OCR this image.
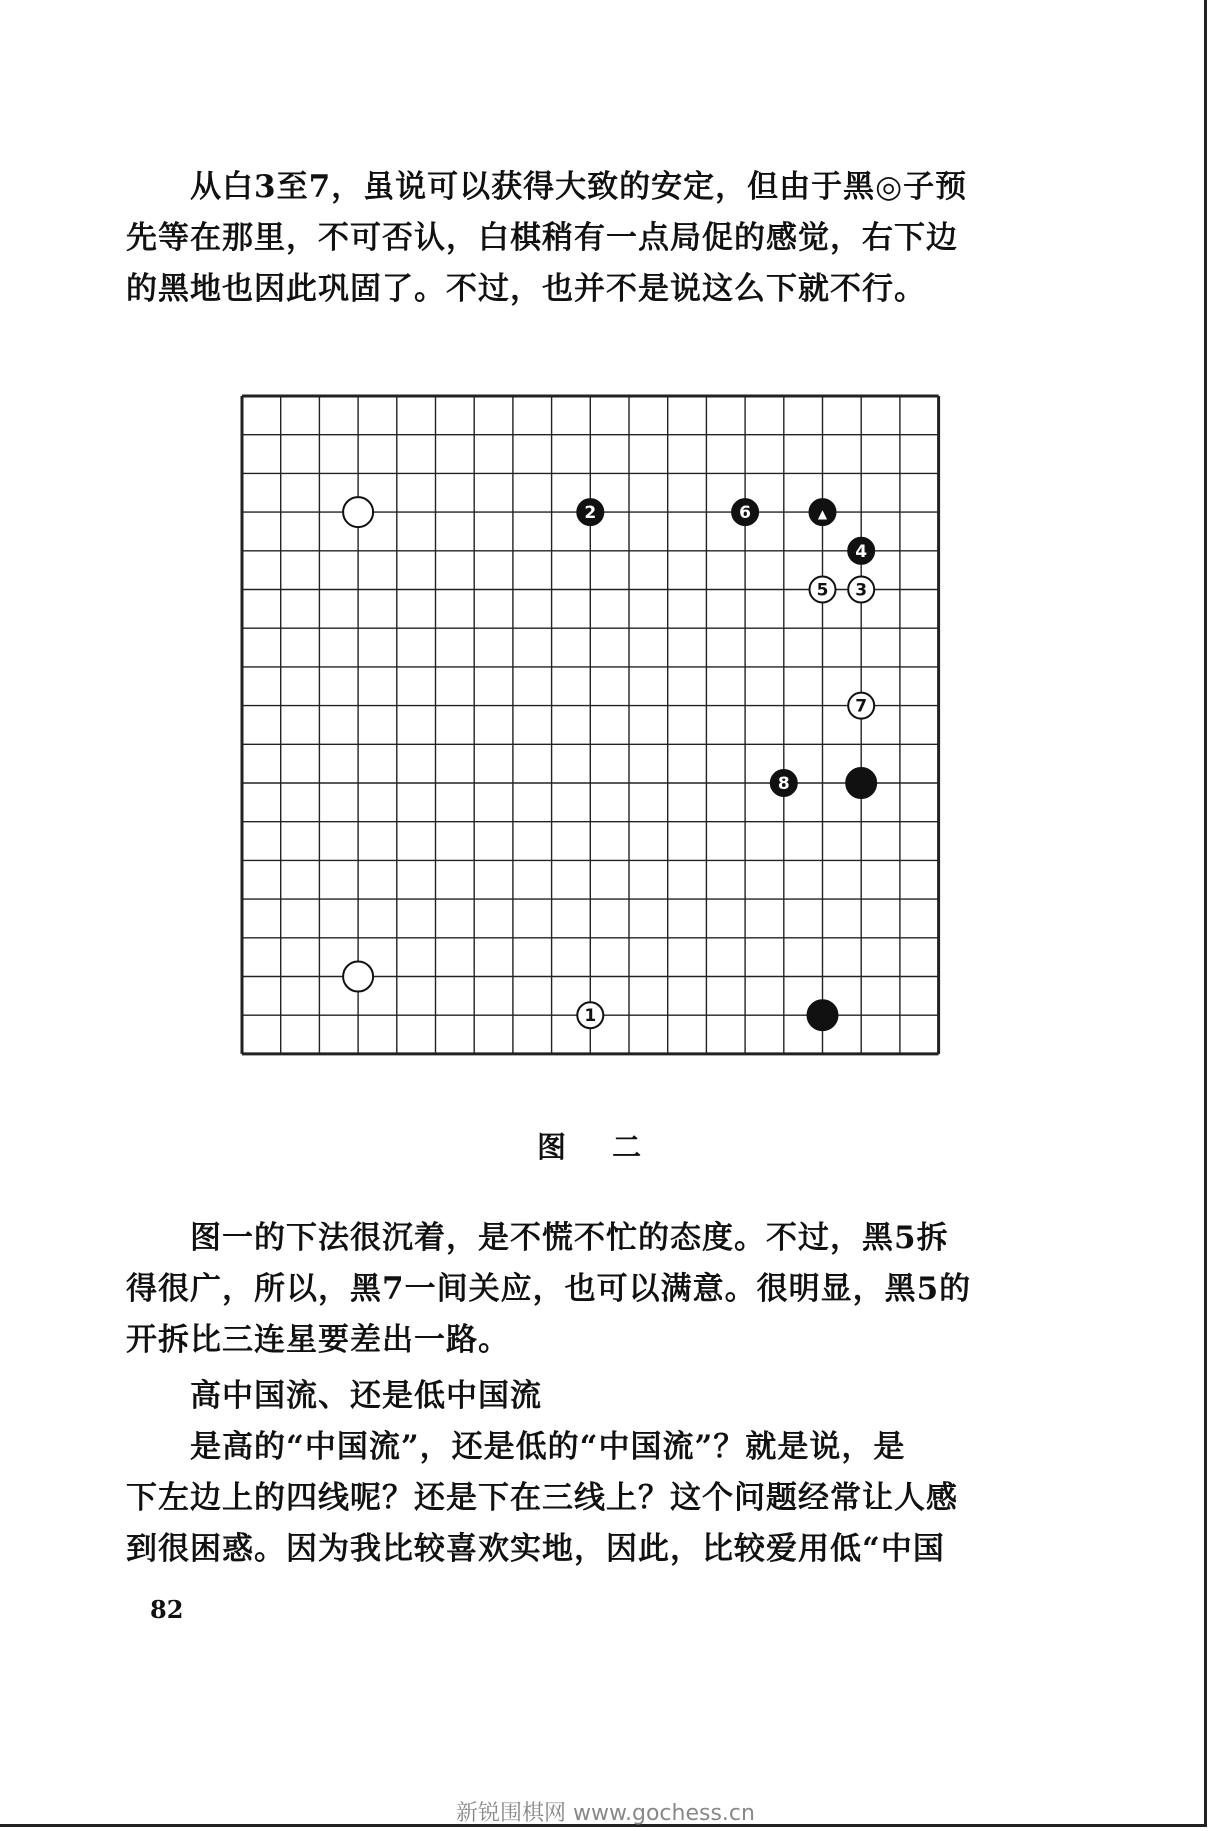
从白3至7，虽说可以获得大致的安定，但由于黑◎子预
先等在那里，不可否认，白棋稍有一点局促的感觉，右下边
的黑地也因此巩固了。不过，也并不是说这么下就不行。
2	6	▲
4
5 3
7
8
1
图 二
图一的下法很沉着，是不慌不忙的态度。不过，黑5拆
得很广，所以，黑7一间关应，也可以满意。很明显，黑5的
开拆比三连星要差出一路。
高中国流、还是低中国流
是高的“中国流”，还是低的“中国流”？就是说，是
下左边上的四线呢？还是下在三线上？这个问题经常让人感
到很困惑。因为我比较喜欢实地，因此，比较爱用低“中国
82
新锐围棋网 www.gochess.cn
